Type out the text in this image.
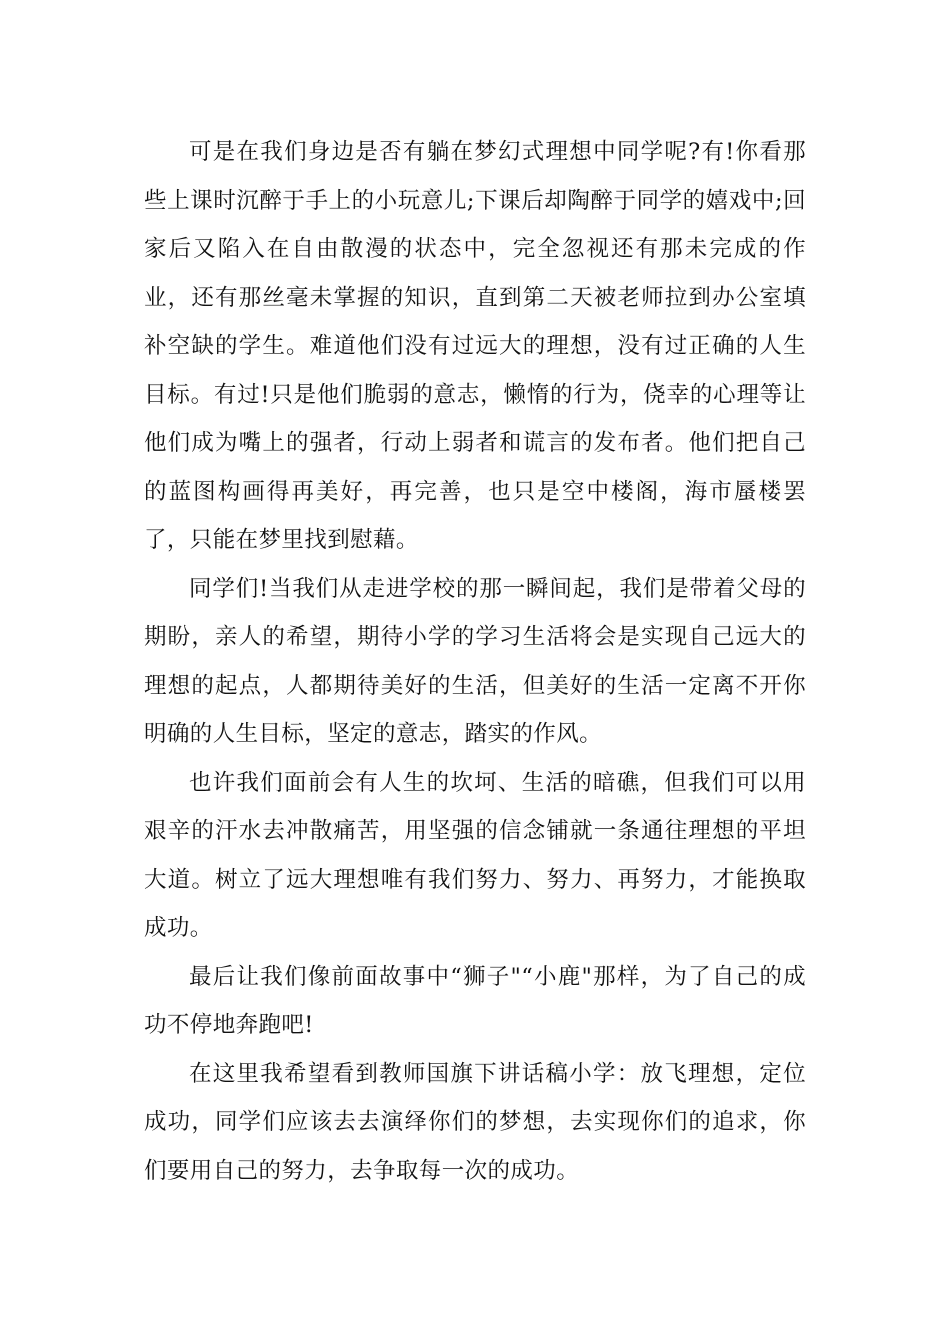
可是在我们身边是否有躺在梦幻式理想中同学呢?有!你看那些上课时沉醉于手上的小玩意儿;下课后却陶醉于同学的嬉戏中;回家后又陷入在自由散漫的状态中，完全忽视还有那未完成的作业，还有那丝毫未掌握的知识，直到第二天被老师拉到办公室填补空缺的学生。难道他们没有过远大的理想，没有过正确的人生目标。有过!只是他们脆弱的意志，懒惰的行为，侥幸的心理等让他们成为嘴上的强者，行动上弱者和谎言的发布者。他们把自己的蓝图构画得再美好，再完善，也只是空中楼阁，海市蜃楼罢了，只能在梦里找到慰藉。

同学们!当我们从走进学校的那一瞬间起，我们是带着父母的期盼，亲人的希望，期待小学的学习生活将会是实现自己远大的理想的起点，人都期待美好的生活，但美好的生活一定离不开你明确的人生目标，坚定的意志，踏实的作风。

也许我们面前会有人生的坎坷、生活的暗礁，但我们可以用艰辛的汗水去冲散痛苦，用坚强的信念铺就一条通往理想的平坦大道。树立了远大理想唯有我们努力、努力、再努力，才能换取成功。

最后让我们像前面故事中“狮子"“小鹿"那样，为了自己的成功不停地奔跑吧!

在这里我希望看到教师国旗下讲话稿小学：放飞理想，定位成功，同学们应该去去演绎你们的梦想，去实现你们的追求，你们要用自己的努力，去争取每一次的成功。
